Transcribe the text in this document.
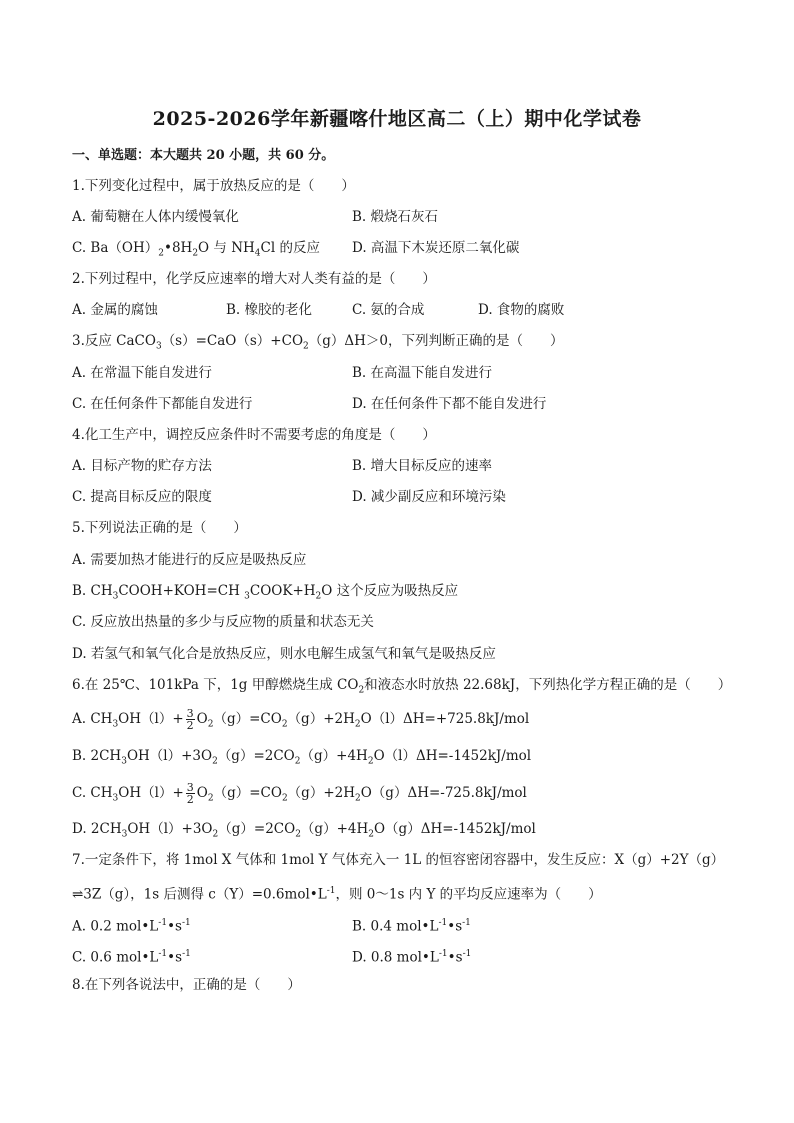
2025-2026学年新疆喀什地区高二（上）期中化学试卷
一、单选题：本大题共 20 小题，共 60 分。
1.下列变化过程中，属于放热反应的是（　　）
A. 葡萄糖在人体内缓慢氧化	B. 煅烧石灰石
C. $Ba(OH)_2•8H_2O$ 与 $NH_4Cl$ 的反应 D. 高温下木炭还原二氧化碳
2.下列过程中，化学反应速率的增大对人类有益的是（　　）
A. 金属的腐蚀	B. 橡胶的老化	C. 氨的合成	D. 食物的腐败
3.反应 $CaCO_3(s)=CaO(s)+CO_2(g)\Delta H>0$，下列判断正确的是（　　）
A. 在常温下能自发进行	B. 在高温下能自发进行
C. 在任何条件下都能自发进行	D. 在任何条件下都不能自发进行
4.化工生产中，调控反应条件时不需要考虑的角度是（　　）
A. 目标产物的贮存方法	B. 增大目标反应的速率
C. 提高目标反应的限度	D. 减少副反应和环境污染
5.下列说法正确的是（　　）
A. 需要加热才能进行的反应是吸热反应
B. $CH_3COOH+KOH=CH$ $_3COOK+H_2O$ 这个反应为吸热反应
C. 反应放出热量的多少与反应物的质量和状态无关
D. 若氢气和氧气化合是放热反应，则水电解生成氢气和氧气是吸热反应
6.在 25℃、101kPa 下，1g 甲醇燃烧生成 $CO_2$和液态水时放热 22.68kJ，下列热化学方程正确的是（　　）
A. $CH_3OH(l)+ \frac{3}{2} O_2(g)=CO_2(g)+2H_2O(l)\Delta H=+725.8kJ/mol$
B. $2CH_3OH(l)+3O_2(g)=2CO_2(g)+4H_2O(l)\Delta H=-1452kJ$/mol
C. $CH_3OH(l)+ \frac{3}{2} O_2(g)=CO_2(g)+2H_2O(g)\Delta H=-725.8kJ/mol$
D. $2CH_3OH(l)+3O_2(g)=2CO_2(g)+4H_2O(g)\Delta H=-1452kJ$/mol
7.一定条件下，将 1mol X 气体和 1mol Y 气体充入一 1L 的恒容密闭容器中，发生反应：X（g）+2Y（g）
⇌3Z（g），1s 后测得 $c(Y)=0.6mol•L^{-1}$，则 0～1s 内 Y 的平均反应速率为（　　）
A. 0.2 $mol•L^{-1}•s^{-1}$	B. 0.4 $mol•L^{-1}•s^{-1}$
C. 0.6 $mol•L^{-1}•s^{-1}$	D. 0.8 $mol•L^{-1}•s^{-1}$
8.在下列各说法中，正确的是（　　）
